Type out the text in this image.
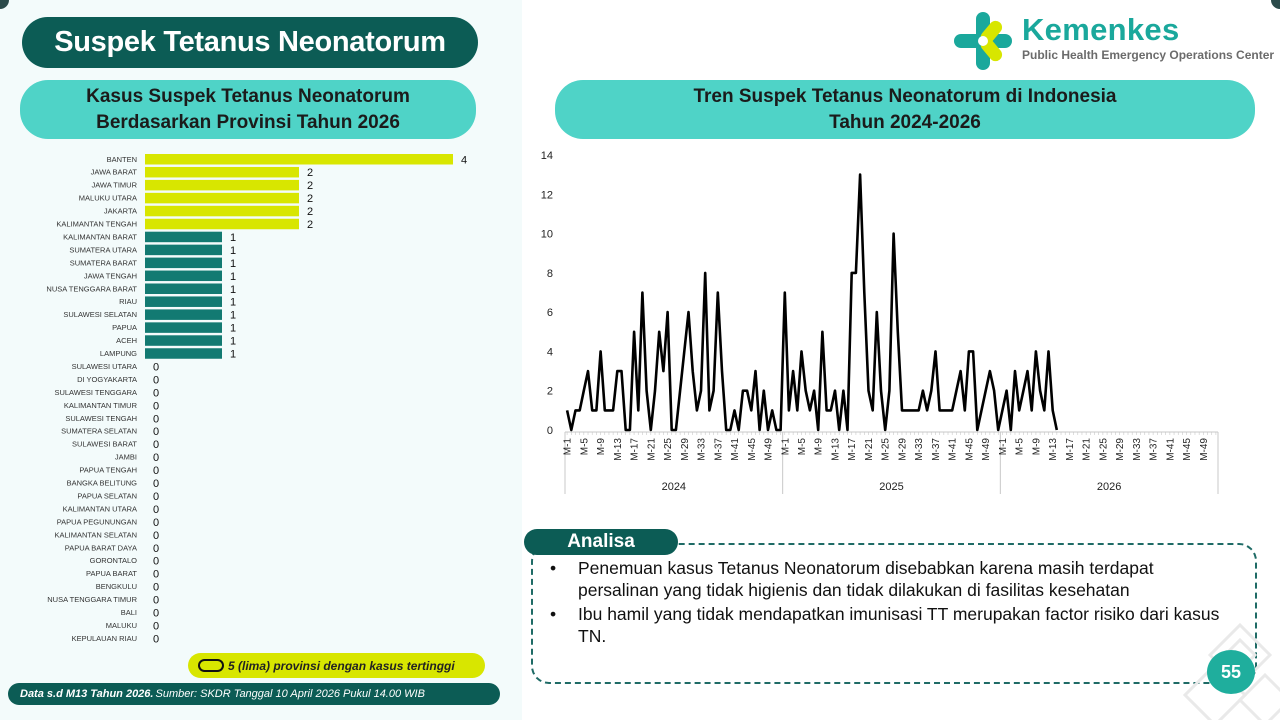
Suspek Tetanus Neonatorum	Kemenkes
Public Health Emergency Operations Center
Kasus Suspek Tetanus Neonatorum
Berdasarkan Provinsi Tahun 2026
Tren Suspek Tetanus Neonatorum di Indonesia
Tahun 2024-2026
BANTEN	4
JAWA BARAT	2
JAWA TIMUR	2
MALUKU UTARA	2
JAKARTA	2
KALIMANTAN TENGAH	2
KALIMANTAN BARAT	1
SUMATERA UTARA	1
SUMATERA BARAT	1
JAWA TENGAH	1
NUSA TENGGARA BARAT	1
RIAU	1
SULAWESI SELATAN	1
PAPUA	1
ACEH	1
LAMPUNG	1
SULAWESI UTARA 0
DI YOGYAKARTA 0
SULAWESI TENGGARA 0
KALIMANTAN TIMUR 0
SULAWESI TENGAH 0
SUMATERA SELATAN 0
SULAWESI BARAT 0
JAMBI 0
PAPUA TENGAH 0
BANGKA BELITUNG 0
PAPUA SELATAN 0
KALIMANTAN UTARA 0
PAPUA PEGUNUNGAN 0
KALIMANTAN SELATAN 0
PAPUA BARAT DAYA 0
GORONTALO 0
PAPUA BARAT 0
BENGKULU 0
NUSA TENGGARA TIMUR 0
BALI 0
MALUKU 0
KEPULAUAN RIAU 0
5 (lima) provinsi dengan kasus tertinggi
Data s.d M13 Tahun 2026. Sumber: SKDR Tanggal 10 April 2026 Pukul 14.00 WIB
0
2
4
6
8
10
12
14
M-1 M-5 M-9 M-13 M-17 M-21 M-25 M-29 M-33 M-37 M-41 M-45 M-49
2024
M-1 M-5 M-9 M-13 M-17 M-21 M-25 M-29 M-33 M-37 M-41 M-45 M-49
2025
M-1 M-5 M-9 M-13 M-17 M-21 M-25 M-29 M-33 M-37 M-41 M-45 M-49
2026
Analisa
• Penemuan kasus Tetanus Neonatorum disebabkan karena masih terdapat persalinan yang tidak higienis dan tidak dilakukan di fasilitas kesehatan
• Ibu hamil yang tidak mendapatkan imunisasi TT merupakan factor risiko dari kasus TN.
55
